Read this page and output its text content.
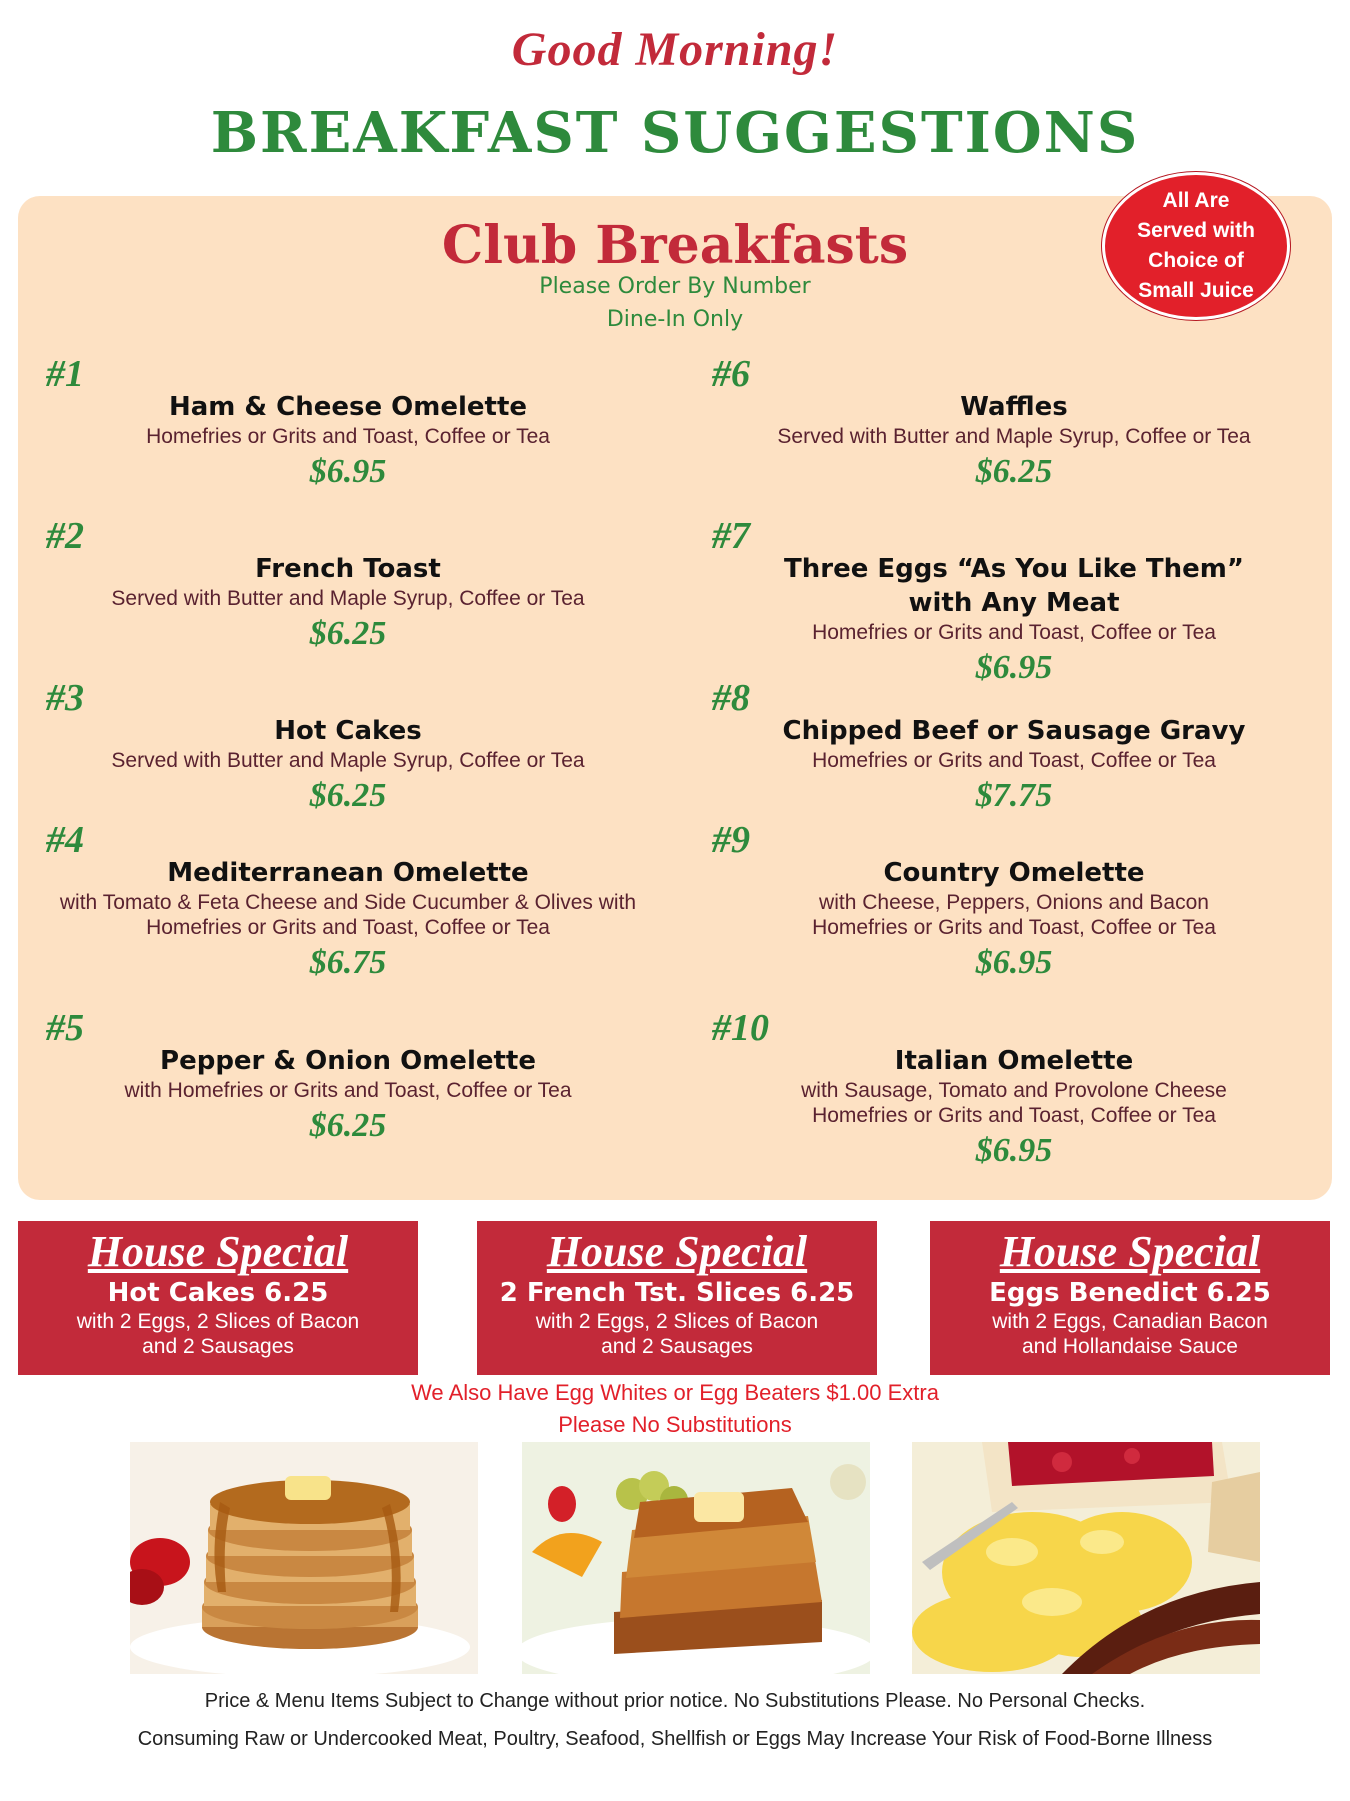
Good Morning!
BREAKFAST SUGGESTIONS
Club Breakfasts
Please Order By Number
Dine-In Only
All Are
Served with
Choice of
Small Juice
#1
Ham & Cheese Omelette
Homefries or Grits and Toast, Coffee or Tea
$6.95
#2
French Toast
Served with Butter and Maple Syrup, Coffee or Tea
$6.25
#3
Hot Cakes
Served with Butter and Maple Syrup, Coffee or Tea
$6.25
#4
Mediterranean Omelette
with Tomato & Feta Cheese and Side Cucumber & Olives with
Homefries or Grits and Toast, Coffee or Tea
$6.75
#5
Pepper & Onion Omelette
with Homefries or Grits and Toast, Coffee or Tea
$6.25
#6
Waffles
Served with Butter and Maple Syrup, Coffee or Tea
$6.25
#7
Three Eggs “As You Like Them”
with Any Meat
Homefries or Grits and Toast, Coffee or Tea
$6.95
#8
Chipped Beef or Sausage Gravy
Homefries or Grits and Toast, Coffee or Tea
$7.75
#9
Country Omelette
with Cheese, Peppers, Onions and Bacon
Homefries or Grits and Toast, Coffee or Tea
$6.95
#10
Italian Omelette
with Sausage, Tomato and Provolone Cheese
Homefries or Grits and Toast, Coffee or Tea
$6.95
House Special
Hot Cakes 6.25
with 2 Eggs, 2 Slices of Bacon
and 2 Sausages
House Special
2 French Tst. Slices 6.25
with 2 Eggs, 2 Slices of Bacon
and 2 Sausages
House Special
Eggs Benedict 6.25
with 2 Eggs, Canadian Bacon
and Hollandaise Sauce
We Also Have Egg Whites or Egg Beaters $1.00 Extra
Please No Substitutions
Price & Menu Items Subject to Change without prior notice. No Substitutions Please. No Personal Checks.
Consuming Raw or Undercooked Meat, Poultry, Seafood, Shellfish or Eggs May Increase Your Risk of Food-Borne Illness
